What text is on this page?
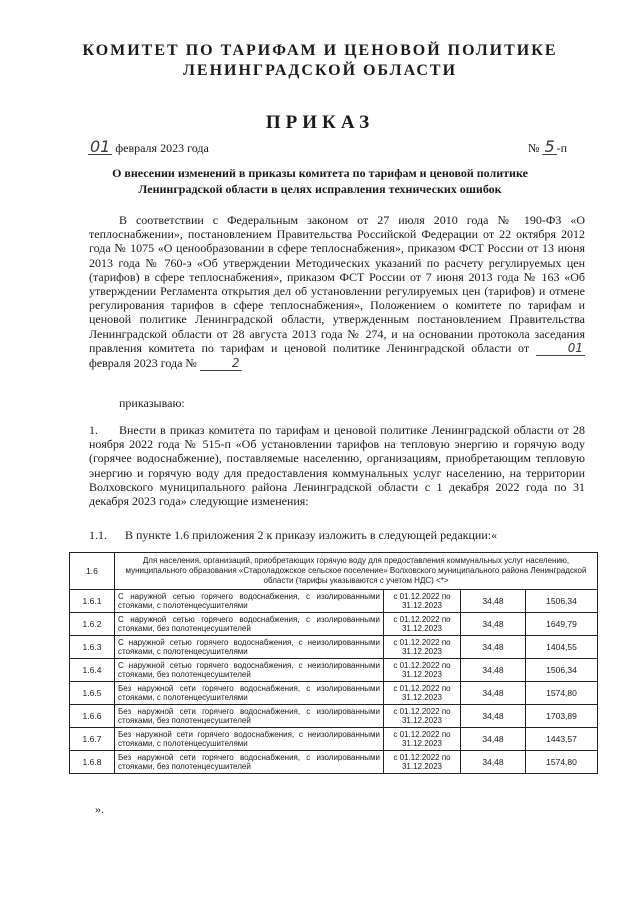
КОМИТЕТ ПО ТАРИФАМ И ЦЕНОВОЙ ПОЛИТИКЕ
ЛЕНИНГРАДСКОЙ ОБЛАСТИ
ПРИКАЗ
01 февраля 2023 года	№ 5 -п
О внесении изменений в приказы комитета по тарифам и ценовой политике
Ленинградской области в целях исправления технических ошибок

В соответствии с Федеральным законом от 27 июля 2010 года № 190-ФЗ «О теплоснабжении», постановлением Правительства Российской Федерации от 22 октября 2012 года № 1075 «О ценообразовании в сфере теплоснабжения», приказом ФСТ России от 13 июня 2013 года № 760-э «Об утверждении Методических указаний по расчету регулируемых цен (тарифов) в сфере теплоснабжения», приказом ФСТ России от 7 июня 2013 года № 163 «Об утверждении Регламента открытия дел об установлении регулируемых цен (тарифов) и отмене регулирования тарифов в сфере теплоснабжения», Положением о комитете по тарифам и ценовой политике Ленинградской области, утвержденным постановлением Правительства Ленинградской области от 28 августа 2013 года № 274, и на основании протокола заседания правления комитета по тарифам и ценовой политике Ленинградской области от	01 февраля 2023 года №	2

приказываю:

1. Внести в приказ комитета по тарифам и ценовой политике Ленинградской области от 28 ноября 2022 года № 515-п «Об установлении тарифов на тепловую энергию и горячую воду (горячее водоснабжение), поставляемые населению, организациям, приобретающим тепловую энергию и горячую воду для предоставления коммунальных услуг населению, на территории Волховского муниципального района Ленинградской области с 1 декабря 2022 года по 31 декабря 2023 года» следующие изменения:

1.1. В пункте 1.6 приложения 2 к приказу изложить в следующей редакции:«
1.6	Для населения, организаций, приобретающих горячую воду для предоставления коммунальных услуг населению, муниципального образования «Староладожское сельское поселение» Волховского муниципального района Ленинградской области (тарифы указываются с учетом НДС) <*>			
1.6.1	С наружной сетью горячего водоснабжения, с изолированными стояками, с полотенцесушителями	с 01.12.2022 по 31.12.2023	34,48	1506,34
1.6.2	С наружной сетью горячего водоснабжения, с изолированными стояками, без полотенцесушителей	с 01.12.2022 по 31.12.2023	34,48	1649,79
1.6.3	С наружной сетью горячего водоснабжения, с неизолированными стояками, с полотенцесушителями	с 01.12.2022 по 31.12.2023	34,48	1404,55
1.6.4	С наружной сетью горячего водоснабжения, с неизолированными стояками, без полотенцесушителей	с 01.12.2022 по 31.12.2023	34,48	1506,34
1.6.5	Без наружной сети горячего водоснабжения, с изолированными стояками, с полотенцесушителями	с 01.12.2022 по 31.12.2023	34,48	1574,80
1.6.6	Без наружной сети горячего водоснабжения, с изолированными стояками, без полотенцесушителей	с 01.12.2022 по 31.12.2023	34,48	1703,89
1.6.7	Без наружной сети горячего водоснабжения, с неизолированными стояками, с полотенцесушителями	с 01.12.2022 по 31.12.2023	34,48	1443,57
1.6.8	Без наружной сети горячего водоснабжения, с изолированными стояками, без полотенцесушителей	с 01.12.2022 по 31.12.2023	34,48	1574,80
».
